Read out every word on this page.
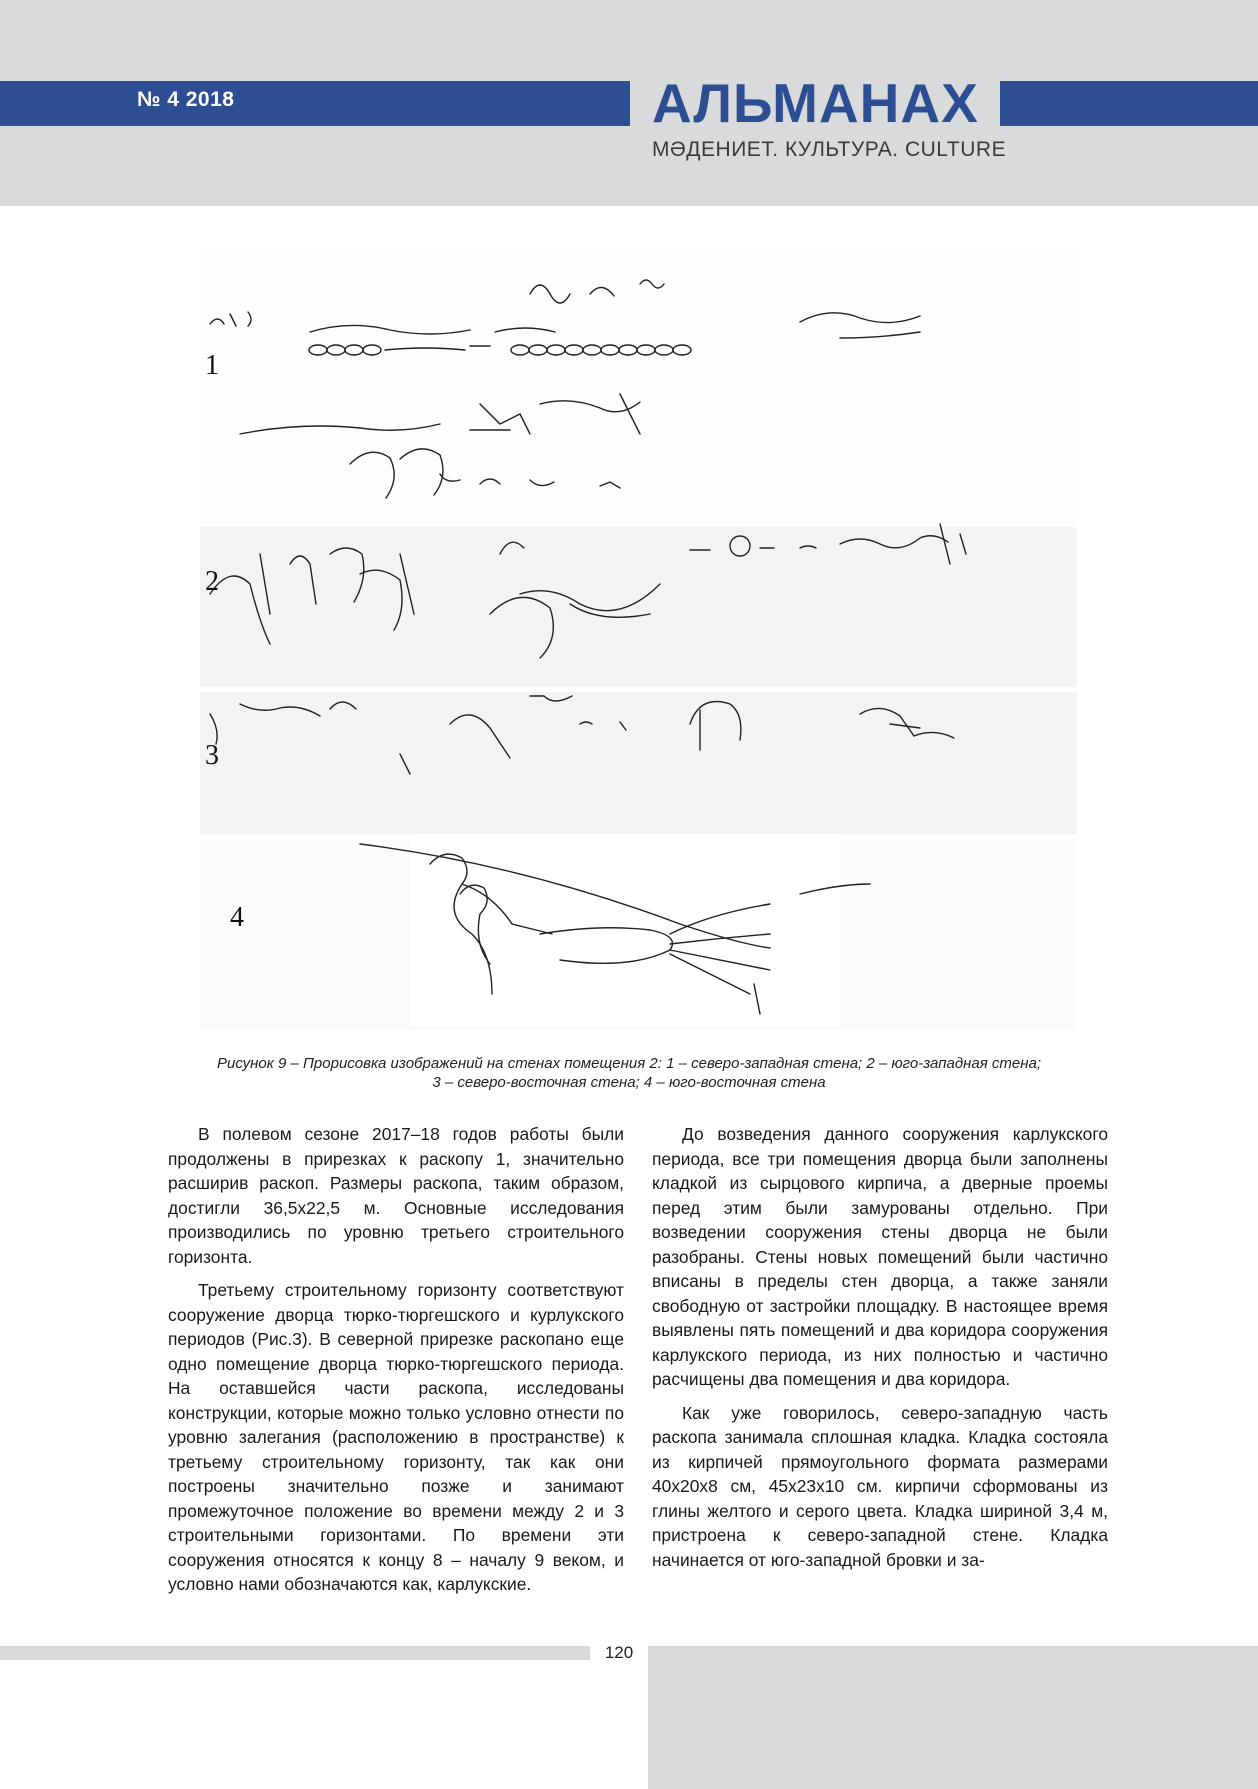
№ 4 2018	АЛЬМАНАХ
МӘДЕНИЕТ. КУЛЬТУРА. CULTURE
1
2
3
4
Рисунок 9 – Прорисовка изображений на стенах помещения 2: 1 – северо-западная стена; 2 – юго-западная стена;
3 – северо-восточная стена; 4 – юго-восточная стена

В полевом сезоне 2017–18 годов работы были продолжены в прирезках к раскопу 1, значительно расширив раскоп. Размеры раскопа, таким образом, достигли 36,5х22,5 м. Основные исследования производились по уровню третьего строительного горизонта.

Третьему строительному горизонту соответствуют сооружение дворца тюрко-тюргешского и курлукского периодов (Рис.3). В северной прирезке раскопано еще одно помещение дворца тюрко-тюргешского периода. На оставшейся части раскопа, исследованы конструкции, которые можно только условно отнести по уровню залегания (расположению в пространстве) к третьему строительному горизонту, так как они построены значительно позже и занимают промежуточное положение во времени между 2 и 3 строительными горизонтами. По времени эти сооружения относятся к концу 8 – началу 9 веком, и условно нами обозначаются как, карлукские.

До возведения данного сооружения карлукского периода, все три помещения дворца были заполнены кладкой из сырцового кирпича, а дверные проемы перед этим были замурованы отдельно. При возведении сооружения стены дворца не были разобраны. Стены новых помещений были частично вписаны в пределы стен дворца, а также заняли свободную от застройки площадку. В настоящее время выявлены пять помещений и два коридора сооружения карлукского периода, из них полностью и частично расчищены два помещения и два коридора.

Как уже говорилось, северо-западную часть раскопа занимала сплошная кладка. Кладка состояла из кирпичей прямоугольного формата размерами 40х20х8 см, 45х23х10 см. кирпичи сформованы из глины желтого и серого цвета. Кладка шириной 3,4 м, пристроена к северо-западной стене. Кладка начинается от юго-западной бровки и за-

120
